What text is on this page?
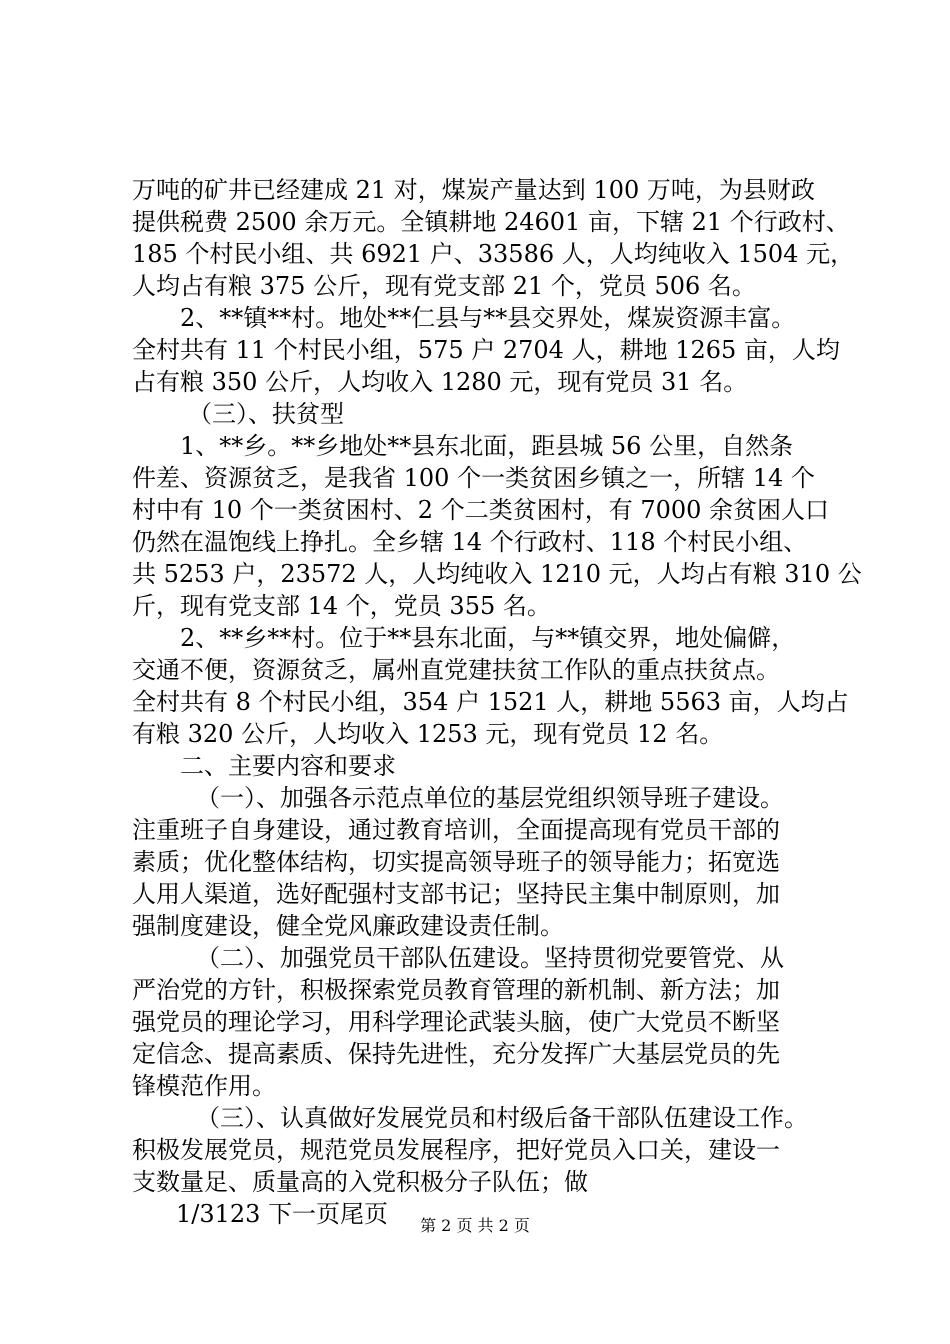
万吨的矿井已经建成 21 对，煤炭产量达到 100 万吨，为县财政
提供税费 2500 余万元。全镇耕地 24601 亩，下辖 21 个行政村、
185 个村民小组、共 6921 户、33586 人，人均纯收入 1504 元，
人均占有粮 375 公斤，现有党支部 21 个，党员 506 名。
2、**镇**村。地处**仁县与**县交界处，煤炭资源丰富。
全村共有 11 个村民小组，575 户 2704 人，耕地 1265 亩，人均
占有粮 350 公斤，人均收入 1280 元，现有党员 31 名。
（三）、扶贫型
1、**乡。**乡地处**县东北面，距县城 56 公里，自然条
件差、资源贫乏，是我省 100 个一类贫困乡镇之一，所辖 14 个
村中有 10 个一类贫困村、2 个二类贫困村，有 7000 余贫困人口
仍然在温饱线上挣扎。全乡辖 14 个行政村、118 个村民小组、
共 5253 户，23572 人，人均纯收入 1210 元，人均占有粮 310 公
斤，现有党支部 14 个，党员 355 名。
2、**乡**村。位于**县东北面，与**镇交界，地处偏僻，
交通不便，资源贫乏，属州直党建扶贫工作队的重点扶贫点。
全村共有 8 个村民小组，354 户 1521 人，耕地 5563 亩，人均占
有粮 320 公斤，人均收入 1253 元，现有党员 12 名。
二、主要内容和要求
（一）、加强各示范点单位的基层党组织领导班子建设。
注重班子自身建设，通过教育培训，全面提高现有党员干部的
素质；优化整体结构，切实提高领导班子的领导能力；拓宽选
人用人渠道，选好配强村支部书记；坚持民主集中制原则，加
强制度建设，健全党风廉政建设责任制。
（二）、加强党员干部队伍建设。坚持贯彻党要管党、从
严治党的方针，积极探索党员教育管理的新机制、新方法；加
强党员的理论学习，用科学理论武装头脑，使广大党员不断坚
定信念、提高素质、保持先进性，充分发挥广大基层党员的先
锋模范作用。
（三）、认真做好发展党员和村级后备干部队伍建设工作。
积极发展党员，规范党员发展程序，把好党员入口关，建设一
支数量足、质量高的入党积极分子队伍；做
1/3123 下一页尾页	第 2 页 共 2 页
